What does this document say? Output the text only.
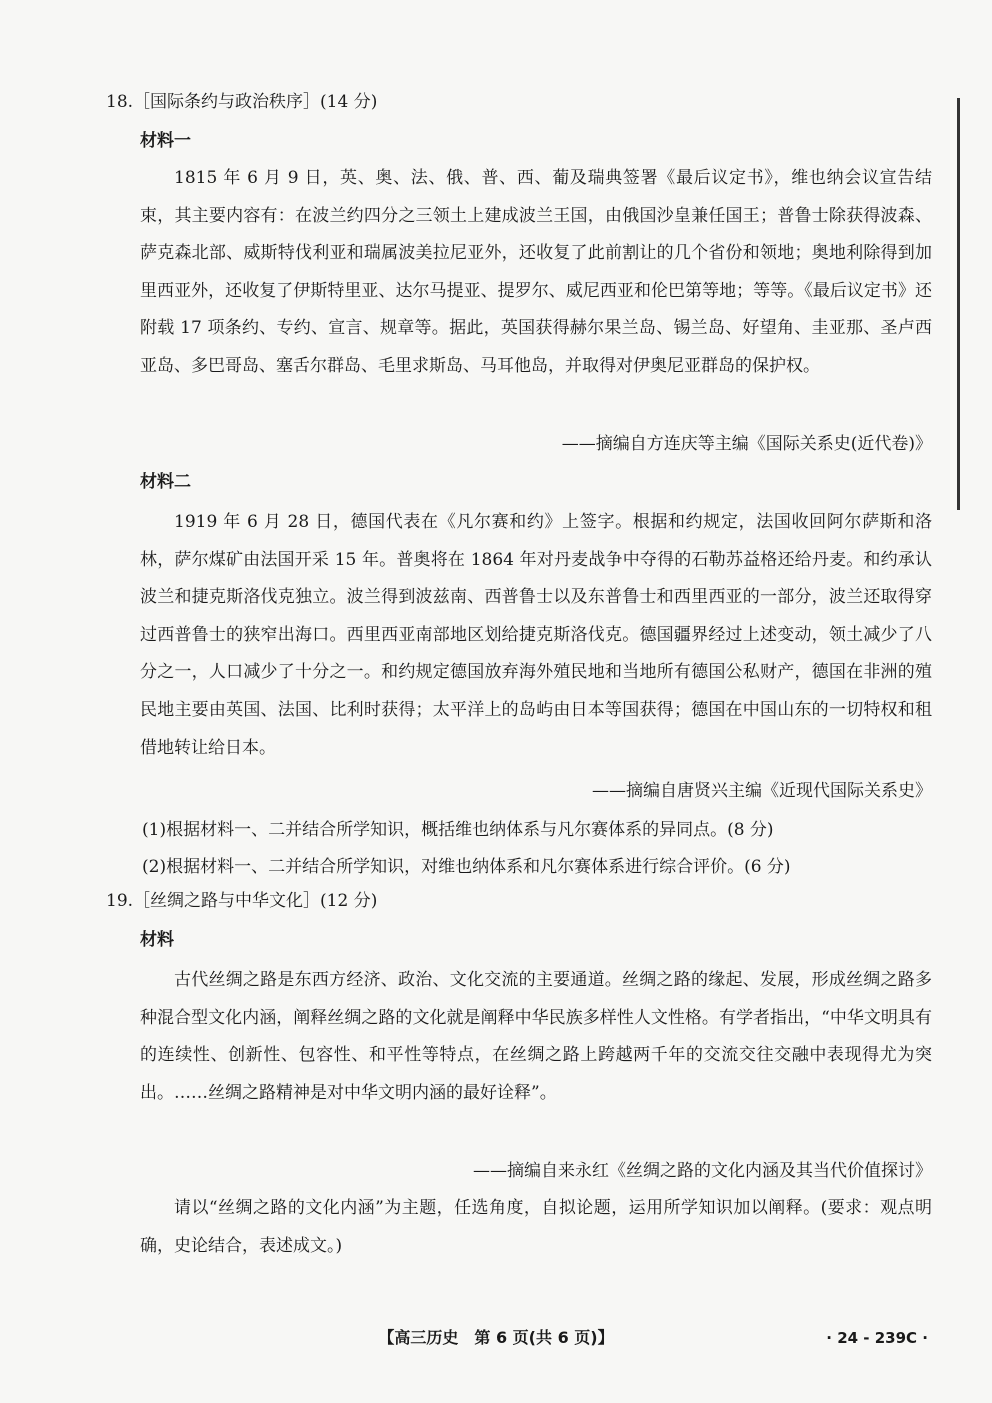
18.［国际条约与政治秩序］(14 分)
材料一
1815 年 6 月 9 日，英、奥、法、俄、普、西、葡及瑞典签署《最后议定书》，维也纳会议宣告结束，其主要内容有：在波兰约四分之三领土上建成波兰王国，由俄国沙皇兼任国王；普鲁士除获得波森、萨克森北部、威斯特伐利亚和瑞属波美拉尼亚外，还收复了此前割让的几个省份和领地；奥地利除得到加里西亚外，还收复了伊斯特里亚、达尔马提亚、提罗尔、威尼西亚和伦巴第等地；等等。《最后议定书》还附载 17 项条约、专约、宣言、规章等。据此，英国获得赫尔果兰岛、锡兰岛、好望角、圭亚那、圣卢西亚岛、多巴哥岛、塞舌尔群岛、毛里求斯岛、马耳他岛，并取得对伊奥尼亚群岛的保护权。
——摘编自方连庆等主编《国际关系史(近代卷)》
材料二
1919 年 6 月 28 日，德国代表在《凡尔赛和约》上签字。根据和约规定，法国收回阿尔萨斯和洛林，萨尔煤矿由法国开采 15 年。普奥将在 1864 年对丹麦战争中夺得的石勒苏益格还给丹麦。和约承认波兰和捷克斯洛伐克独立。波兰得到波兹南、西普鲁士以及东普鲁士和西里西亚的一部分，波兰还取得穿过西普鲁士的狭窄出海口。西里西亚南部地区划给捷克斯洛伐克。德国疆界经过上述变动，领土减少了八分之一，人口减少了十分之一。和约规定德国放弃海外殖民地和当地所有德国公私财产，德国在非洲的殖民地主要由英国、法国、比利时获得；太平洋上的岛屿由日本等国获得；德国在中国山东的一切特权和租借地转让给日本。
——摘编自唐贤兴主编《近现代国际关系史》
(1)根据材料一、二并结合所学知识，概括维也纳体系与凡尔赛体系的异同点。(8 分)
(2)根据材料一、二并结合所学知识，对维也纳体系和凡尔赛体系进行综合评价。(6 分)
19.［丝绸之路与中华文化］(12 分)
材料
古代丝绸之路是东西方经济、政治、文化交流的主要通道。丝绸之路的缘起、发展，形成丝绸之路多种混合型文化内涵，阐释丝绸之路的文化就是阐释中华民族多样性人文性格。有学者指出，“中华文明具有的连续性、创新性、包容性、和平性等特点，在丝绸之路上跨越两千年的交流交往交融中表现得尤为突出。……丝绸之路精神是对中华文明内涵的最好诠释”。
——摘编自来永红《丝绸之路的文化内涵及其当代价值探讨》
请以“丝绸之路的文化内涵”为主题，任选角度，自拟论题，运用所学知识加以阐释。(要求：观点明确，史论结合，表述成文。)
【高三历史　第 6 页(共 6 页)】	· 24 - 239C ·
